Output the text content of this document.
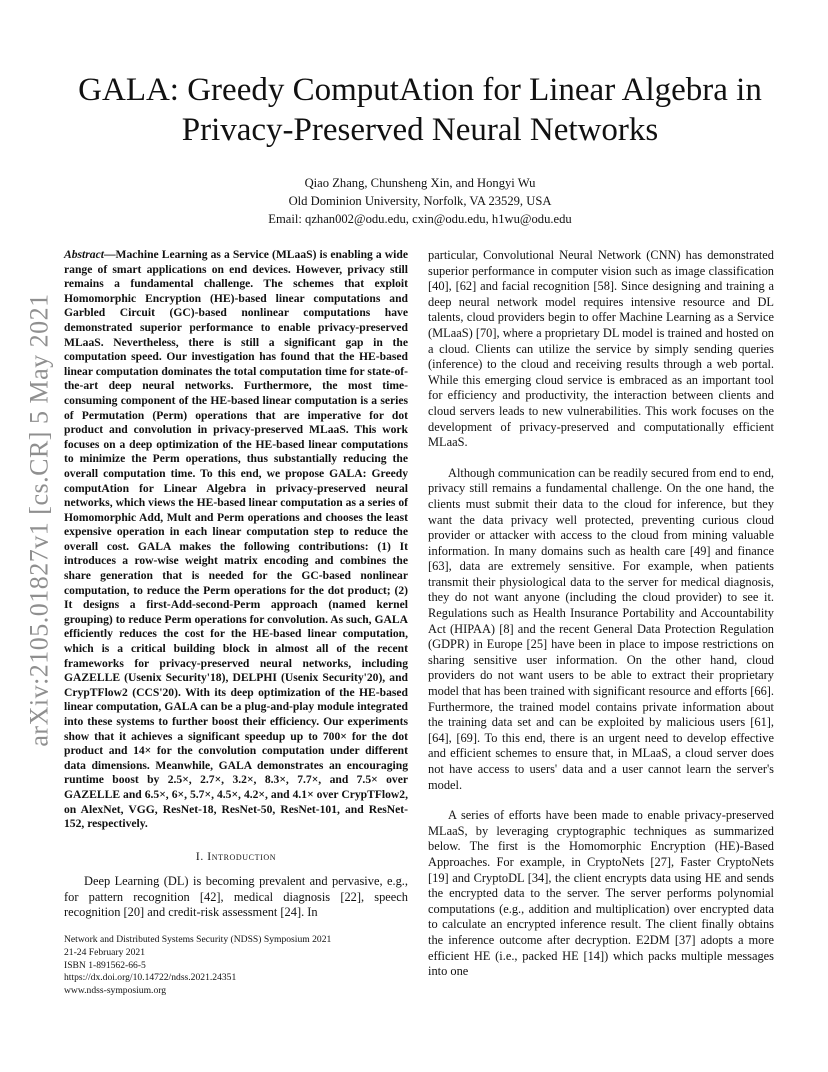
arXiv:2105.01827v1 [cs.CR] 5 May 2021
GALA: Greedy ComputAtion for Linear Algebra in
Privacy-Preserved Neural Networks
Qiao Zhang, Chunsheng Xin, and Hongyi Wu
Old Dominion University, Norfolk, VA 23529, USA
Email: qzhan002@odu.edu, cxin@odu.edu, h1wu@odu.edu
Abstract—Machine Learning as a Service (MLaaS) is enabling a wide range of smart applications on end devices. However, privacy still remains a fundamental challenge. The schemes that exploit Homomorphic Encryption (HE)-based linear computations and Garbled Circuit (GC)-based nonlinear computations have demonstrated superior performance to enable privacy-preserved MLaaS. Nevertheless, there is still a significant gap in the computation speed. Our investigation has found that the HE-based linear computation dominates the total computation time for state-of-the-art deep neural networks. Furthermore, the most time-consuming component of the HE-based linear computation is a series of Permutation (Perm) operations that are imperative for dot product and convolution in privacy-preserved MLaaS. This work focuses on a deep optimization of the HE-based linear computations to minimize the Perm operations, thus substantially reducing the overall computation time. To this end, we propose GALA: Greedy computAtion for Linear Algebra in privacy-preserved neural networks, which views the HE-based linear computation as a series of Homomorphic Add, Mult and Perm operations and chooses the least expensive operation in each linear computation step to reduce the overall cost. GALA makes the following contributions: (1) It introduces a row-wise weight matrix encoding and combines the share generation that is needed for the GC-based nonlinear computation, to reduce the Perm operations for the dot product; (2) It designs a first-Add-second-Perm approach (named kernel grouping) to reduce Perm operations for convolution. As such, GALA efficiently reduces the cost for the HE-based linear computation, which is a critical building block in almost all of the recent frameworks for privacy-preserved neural networks, including GAZELLE (Usenix Security'18), DELPHI (Usenix Security'20), and CrypTFlow2 (CCS'20). With its deep optimization of the HE-based linear computation, GALA can be a plug-and-play module integrated into these systems to further boost their efficiency. Our experiments show that it achieves a significant speedup up to 700× for the dot product and 14× for the convolution computation under different data dimensions. Meanwhile, GALA demonstrates an encouraging runtime boost by 2.5×, 2.7×, 3.2×, 8.3×, 7.7×, and 7.5× over GAZELLE and 6.5×, 6×, 5.7×, 4.5×, 4.2×, and 4.1× over CrypTFlow2, on AlexNet, VGG, ResNet-18, ResNet-50, ResNet-101, and ResNet-152, respectively.
I. Introduction

Deep Learning (DL) is becoming prevalent and pervasive, e.g., for pattern recognition [42], medical diagnosis [22], speech recognition [20] and credit-risk assessment [24]. In

particular, Convolutional Neural Network (CNN) has demonstrated superior performance in computer vision such as image classification [40], [62] and facial recognition [58]. Since designing and training a deep neural network model requires intensive resource and DL talents, cloud providers begin to offer Machine Learning as a Service (MLaaS) [70], where a proprietary DL model is trained and hosted on a cloud. Clients can utilize the service by simply sending queries (inference) to the cloud and receiving results through a web portal. While this emerging cloud service is embraced as an important tool for efficiency and productivity, the interaction between clients and cloud servers leads to new vulnerabilities. This work focuses on the development of privacy-preserved and computationally efficient MLaaS.

Although communication can be readily secured from end to end, privacy still remains a fundamental challenge. On the one hand, the clients must submit their data to the cloud for inference, but they want the data privacy well protected, preventing curious cloud provider or attacker with access to the cloud from mining valuable information. In many domains such as health care [49] and finance [63], data are extremely sensitive. For example, when patients transmit their physiological data to the server for medical diagnosis, they do not want anyone (including the cloud provider) to see it. Regulations such as Health Insurance Portability and Accountability Act (HIPAA) [8] and the recent General Data Protection Regulation (GDPR) in Europe [25] have been in place to impose restrictions on sharing sensitive user information. On the other hand, cloud providers do not want users to be able to extract their proprietary model that has been trained with significant resource and efforts [66]. Furthermore, the trained model contains private information about the training data set and can be exploited by malicious users [61], [64], [69]. To this end, there is an urgent need to develop effective and efficient schemes to ensure that, in MLaaS, a cloud server does not have access to users' data and a user cannot learn the server's model.

A series of efforts have been made to enable privacy-preserved MLaaS, by leveraging cryptographic techniques as summarized below. The first is the Homomorphic Encryption (HE)-Based Approaches. For example, in CryptoNets [27], Faster CryptoNets [19] and CryptoDL [34], the client encrypts data using HE and sends the encrypted data to the server. The server performs polynomial computations (e.g., addition and multiplication) over encrypted data to calculate an encrypted inference result. The client finally obtains the inference outcome after decryption. E2DM [37] adopts a more efficient HE (i.e., packed HE [14]) which packs multiple messages into one

Network and Distributed Systems Security (NDSS) Symposium 2021
21-24 February 2021
ISBN 1-891562-66-5
https://dx.doi.org/10.14722/ndss.2021.24351
www.ndss-symposium.org
